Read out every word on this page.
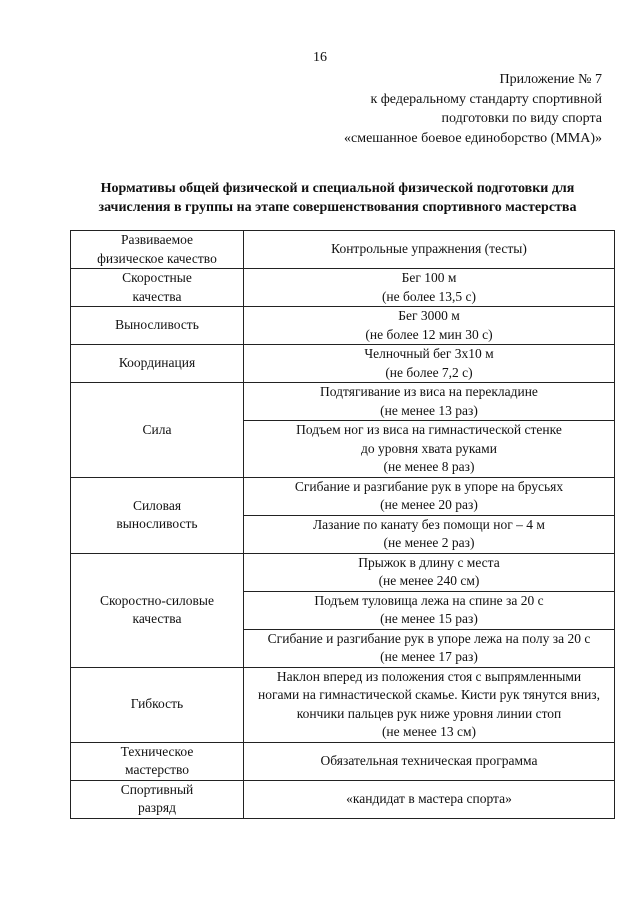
16
Приложение № 7
к федеральному стандарту спортивной
подготовки по виду спорта
«смешанное боевое единоборство (ММА)»
Нормативы общей физической и специальной физической подготовки для
зачисления в группы на этапе совершенствования спортивного мастерства
Развиваемое
физическое качество	Контрольные упражнения (тесты)

Скоростные
качества	Бег 100 м
(не более 13,5 с)

Выносливость	Бег 3000 м
(не более 12 мин 30 с)

Координация	Челночный бег 3x10 м
(не более 7,2 с)

Сила	Подтягивание из виса на перекладине
(не менее 13 раз)

	Подъем ног из виса на гимнастической стенке
до уровня хвата руками
(не менее 8 раз)

Силовая
выносливость	Сгибание и разгибание рук в упоре на брусьях
(не менее 20 раз)

	Лазание по канату без помощи ног – 4 м
(не менее 2 раз)

Скоростно-силовые
качества	Прыжок в длину с места
(не менее 240 см)

	Подъем туловища лежа на спине за 20 с
(не менее 15 раз)

	Сгибание и разгибание рук в упоре лежа на полу за 20 с
(не менее 17 раз)

Гибкость	Наклон вперед из положения стоя с выпрямленными
ногами на гимнастической скамье. Кисти рук тянутся вниз,
кончики пальцев рук ниже уровня линии стоп
(не менее 13 см)

Техническое
мастерство	Обязательная техническая программа

Спортивный
разряд	«кандидат в мастера спорта»
